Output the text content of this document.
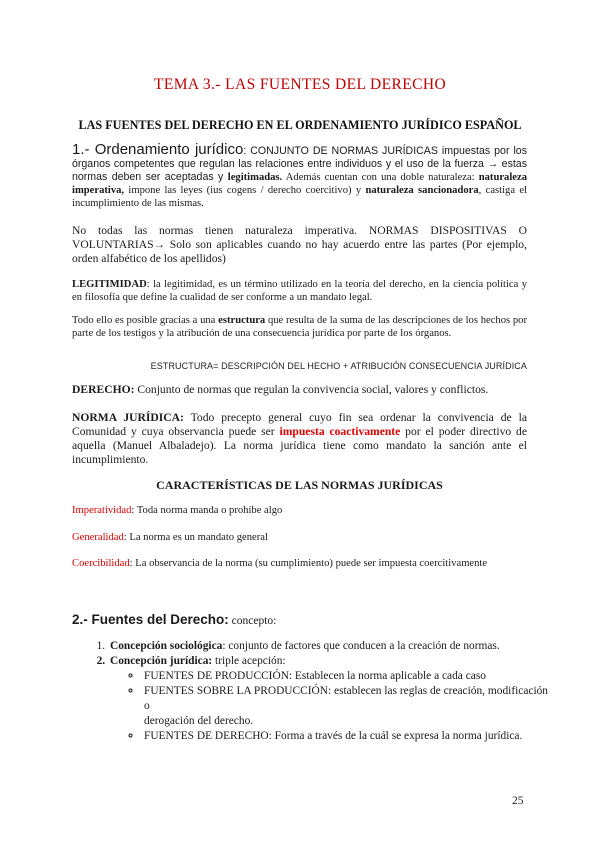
TEMA 3.- LAS FUENTES DEL DERECHO
LAS FUENTES DEL DERECHO EN EL ORDENAMIENTO JURÍDICO ESPAÑOL
1.- Ordenamiento jurídico: CONJUNTO DE NORMAS JURÍDICAS impuestas por los órganos competentes que regulan las relaciones entre individuos y el uso de la fuerza → estas normas deben ser aceptadas y legitimadas. Además cuentan con una doble naturaleza: naturaleza imperativa, impone las leyes (ius cogens / derecho coercitivo) y naturaleza sancionadora, castiga el incumplimiento de las mismas.
No todas las normas tienen naturaleza imperativa. NORMAS DISPOSITIVAS O VOLUNTARIAS→ Solo son aplicables cuando no hay acuerdo entre las partes (Por ejemplo, orden alfabético de los apellidos)
LEGITIMIDAD: la legitimidad, es un término utilizado en la teoría del derecho, en la ciencia política y en filosofía que define la cualidad de ser conforme a un mandato legal.
Todo ello es posible gracias a una estructura que resulta de la suma de las descripciones de los hechos por parte de los testigos y la atribución de una consecuencia jurídica por parte de los órganos.
ESTRUCTURA= DESCRIPCIÓN DEL HECHO + ATRIBUCIÓN CONSECUENCIA JURÍDICA
DERECHO: Conjunto de normas que regulan la convivencia social, valores y conflictos.
NORMA JURÍDICA: Todo precepto general cuyo fin sea ordenar la convivencia de la Comunidad y cuya observancia puede ser impuesta coactivamente por el poder directivo de aquella (Manuel Albaladejo). La norma jurídica tiene como mandato la sanción ante el incumplimiento.
CARACTERÍSTICAS DE LAS NORMAS JURÍDICAS
Imperatividad: Toda norma manda o prohíbe algo
Generalidad: La norma es un mandato general
Coercibilidad: La observancia de la norma (su cumplimiento) puede ser impuesta coercitivamente
2.- Fuentes del Derecho: concepto:
1. Concepción sociológica: conjunto de factores que conducen a la creación de normas.
2. Concepción jurídica: triple acepción:
◦ FUENTES DE PRODUCCIÓN: Establecen la norma aplicable a cada caso
◦ FUENTES SOBRE LA PRODUCCIÓN: establecen las reglas de creación, modificación o
derogación del derecho.
◦ FUENTES DE DERECHO: Forma a través de la cuál se expresa la norma jurídica.
25
